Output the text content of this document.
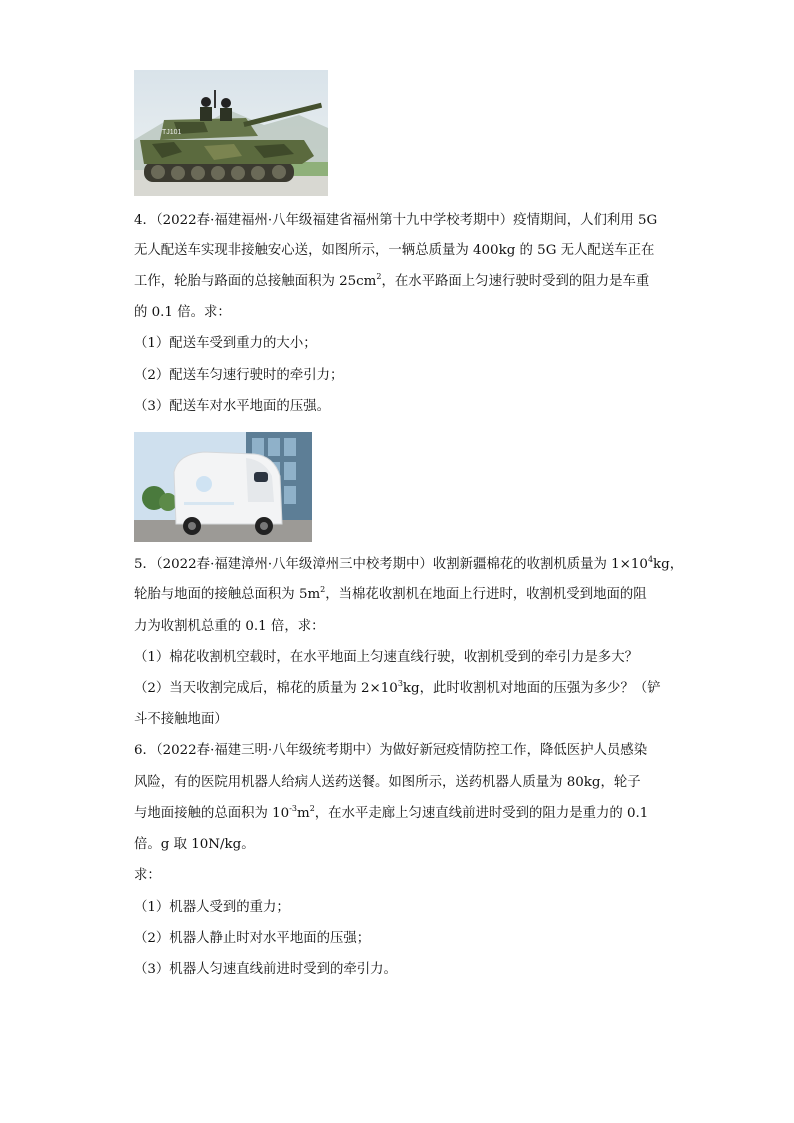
TJ101
4．（2022春·福建福州·八年级福建省福州第十九中学校考期中）疫情期间，人们利用 5G
无人配送车实现非接触安心送，如图所示，一辆总质量为 400kg 的 5G 无人配送车正在
工作，轮胎与路面的总接触面积为 $25cm^2$，在水平路面上匀速行驶时受到的阻力是车重
的 0.1 倍。求：
（1）配送车受到重力的大小；
（2）配送车匀速行驶时的牵引力；
（3）配送车对水平地面的压强。
5．（2022春·福建漳州·八年级漳州三中校考期中）收割新疆棉花的收割机质量为 $1\times 10^4kg$，
轮胎与地面的接触总面积为 $5m^2$，当棉花收割机在地面上行进时，收割机受到地面的阻
力为收割机总重的 0.1 倍，求：
（1）棉花收割机空载时，在水平地面上匀速直线行驶，收割机受到的牵引力是多大？
（2）当天收割完成后，棉花的质量为 $2\times 10^3kg$，此时收割机对地面的压强为多少？（铲
斗不接触地面）
6．（2022春·福建三明·八年级统考期中）为做好新冠疫情防控工作，降低医护人员感染
风险，有的医院用机器人给病人送药送餐。如图所示，送药机器人质量为 80kg，轮子
与地面接触的总面积为 $10^{-3}m^2$，在水平走廊上匀速直线前进时受到的阻力是重力的 0.1
倍。g 取 10N/kg。
求：
（1）机器人受到的重力；
（2）机器人静止时对水平地面的压强；
（3）机器人匀速直线前进时受到的牵引力。
